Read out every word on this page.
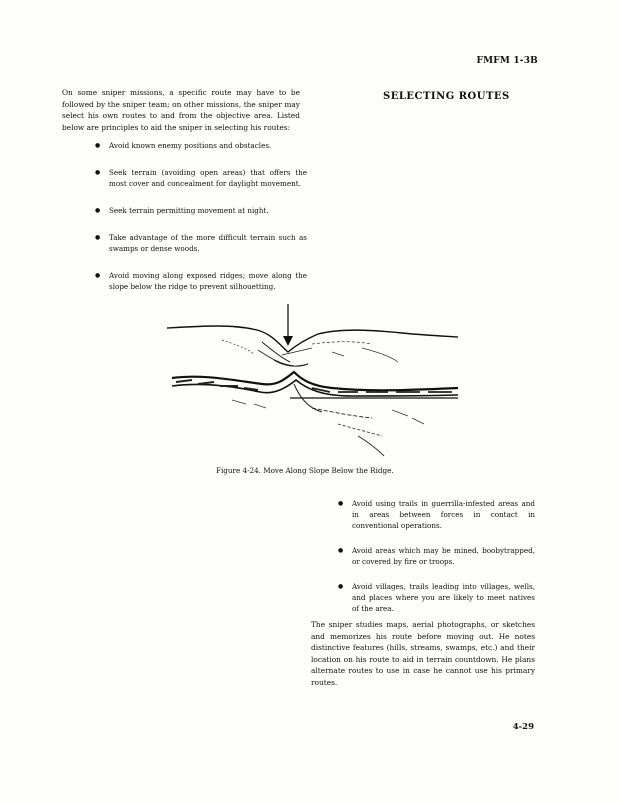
FMFM 1-3B
SELECTING ROUTES

On some sniper missions, a specific route may have to be followed by the sniper team; on other missions, the sniper may select his own routes to and from the objective area. Listed below are principles to aid the sniper in selecting his routes:

● Avoid known enemy positions and obstacles.
● Seek terrain (avoiding open areas) that offers the most cover and concealment for daylight movement.
● Seek terrain permitting movement at night.
● Take advantage of the more difficult terrain such as swamps or dense woods.
● Avoid moving along exposed ridges; move along the slope below the ridge to prevent silhouetting.
Figure 4-24. Move Along Slope Below the Ridge.
● Avoid using trails in guerrilla-infested areas and in areas between forces in contact in conventional operations.
● Avoid areas which may be mined, boobytrapped, or covered by fire or troops.
● Avoid villages, trails leading into villages, wells, and places where you are likely to meet natives of the area.

The sniper studies maps, aerial photographs, or sketches and memorizes his route before moving out. He notes distinctive features (hills, streams, swamps, etc.) and their location on his route to aid in terrain countdown. He plans alternate routes to use in case he cannot use his primary routes.

4-29
